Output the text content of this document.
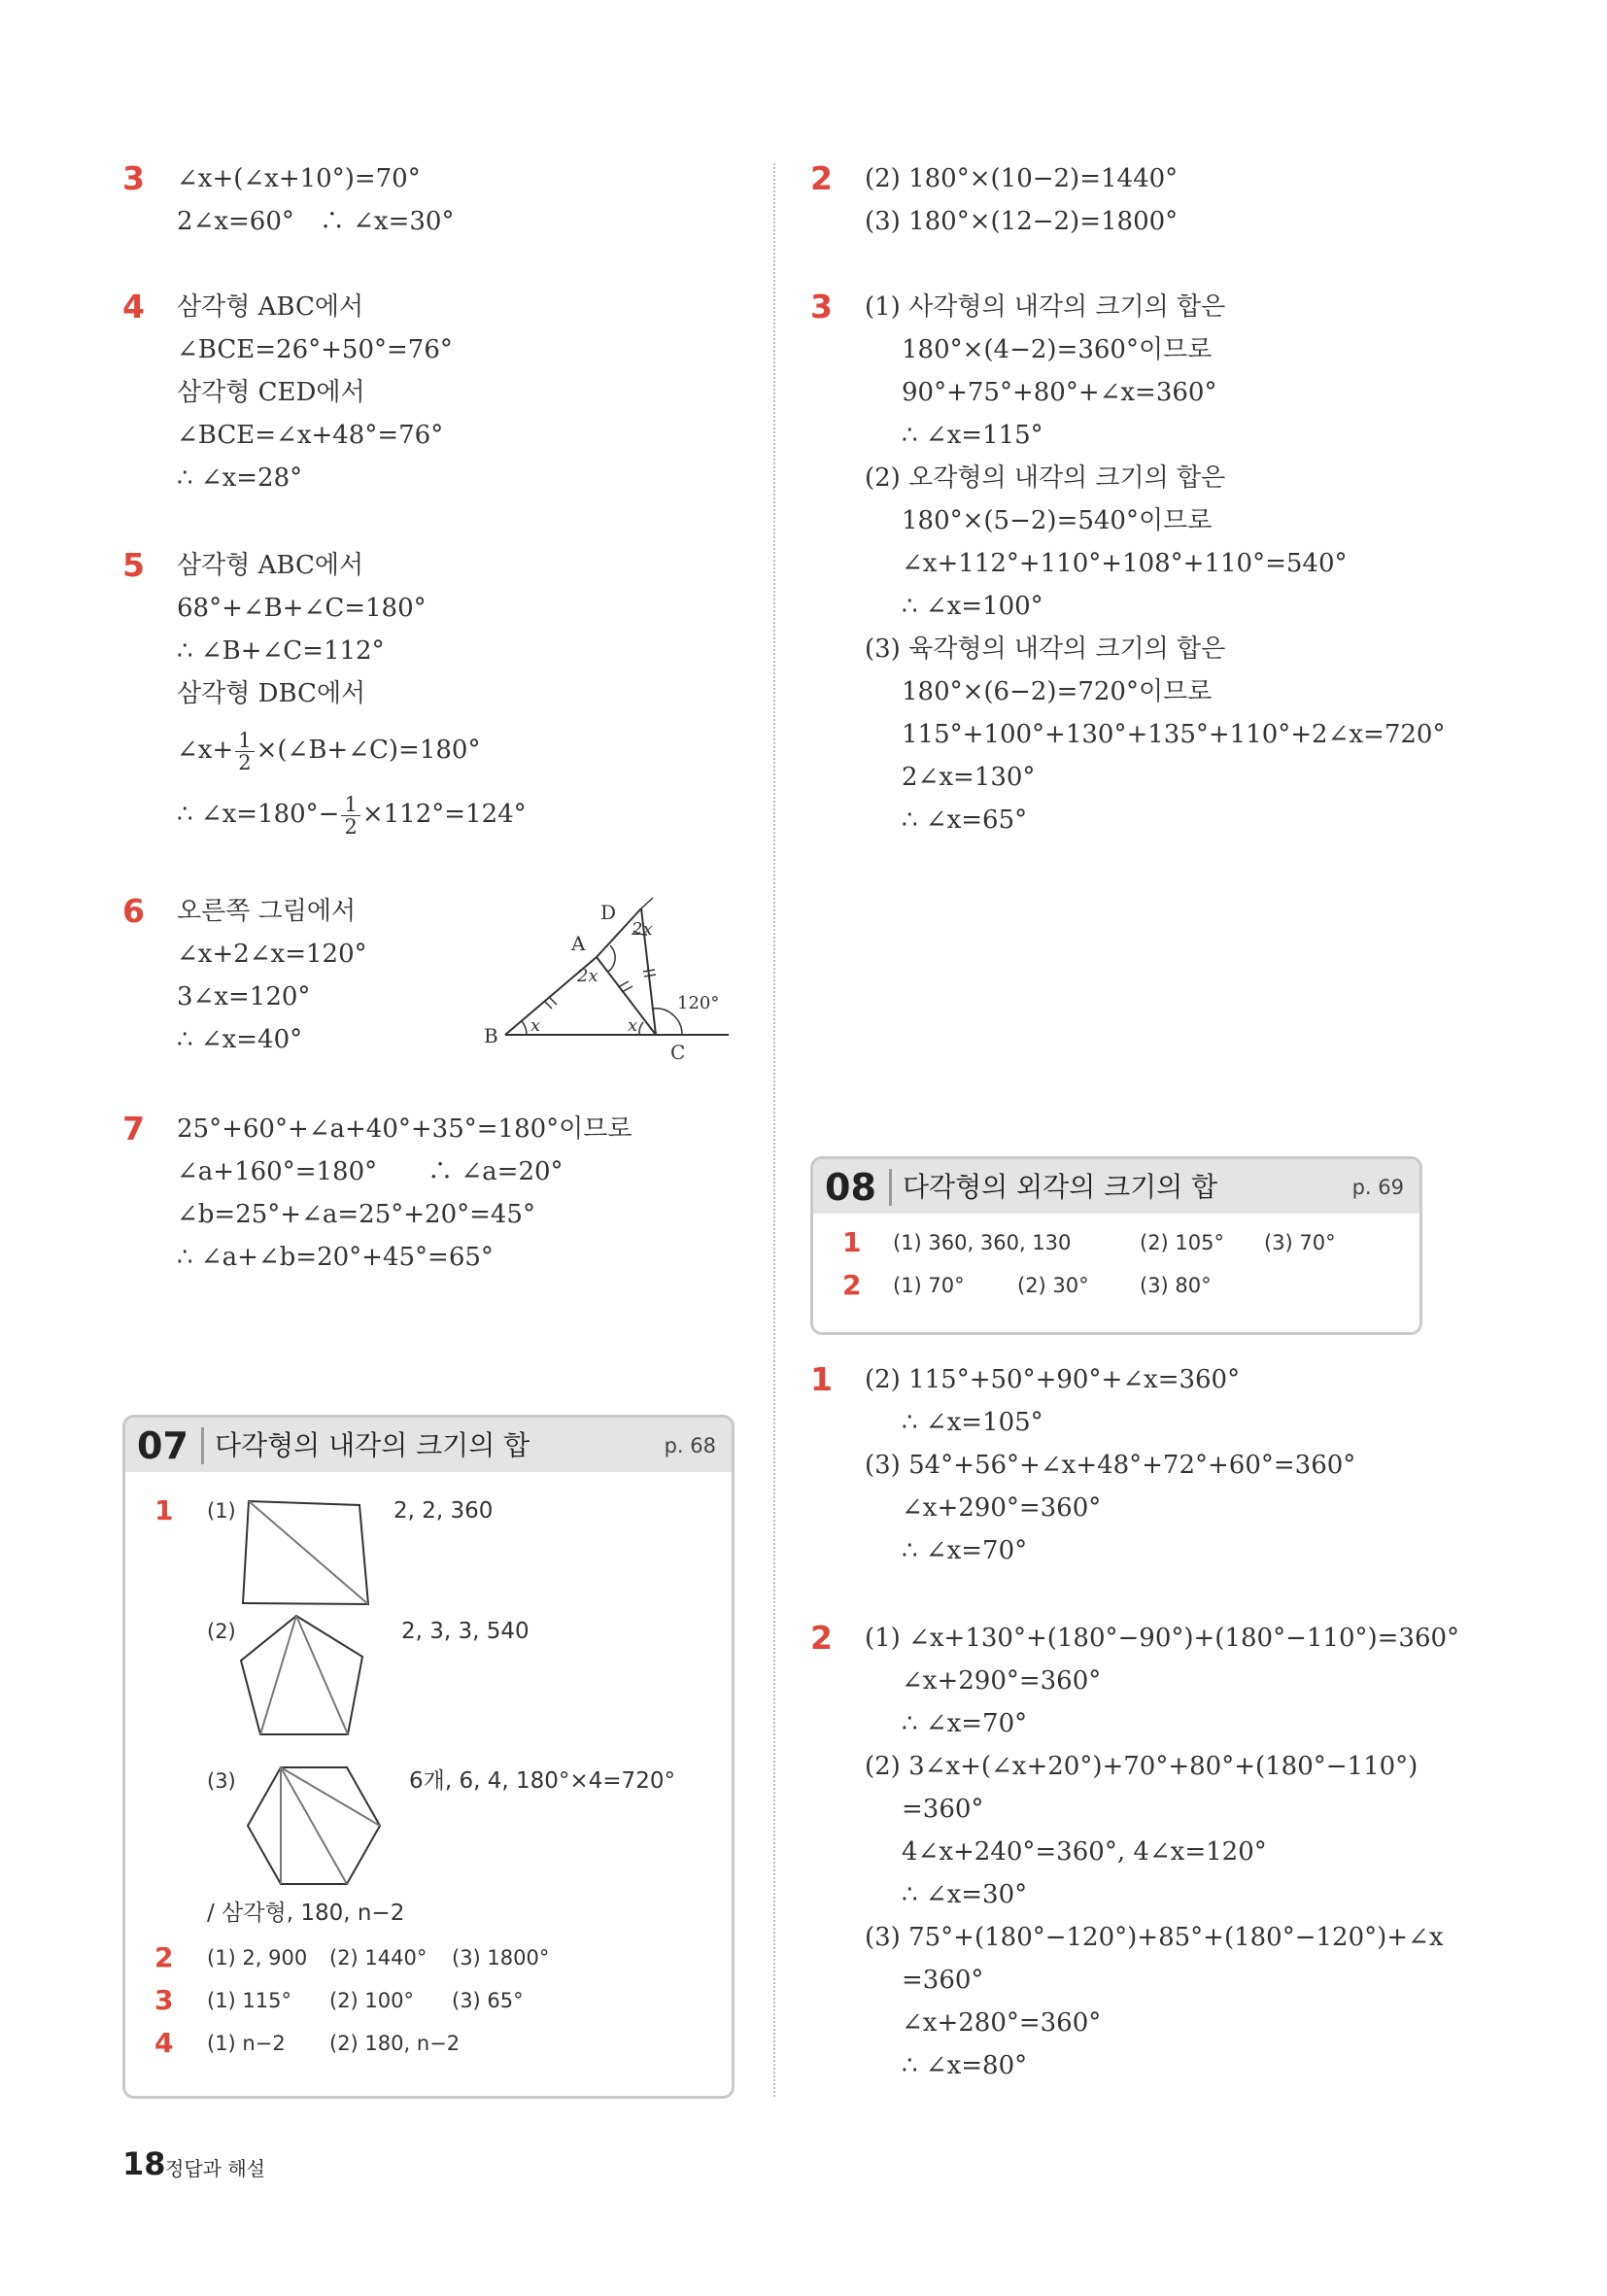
3 ∠x+(∠x+10°)=70°
2∠x=60°　∴ ∠x=30°
4 삼각형 ABC에서
∠BCE=26°+50°=76°
삼각형 CED에서
∠BCE=∠x+48°=76°
∴ ∠x=28°
5 삼각형 ABC에서
68°+∠B+∠C=180°
∴ ∠B+∠C=112°
삼각형 DBC에서
∠x+ $\frac{1}{2}$ ×(∠B+∠C)=180°
∴ ∠x=180°− $\frac{1}{2} \times 112^\circ=124^\circ$
6 오른쪽 그림에서
∠x+2∠x=120°
3∠x=120°
∴ ∠x=40°	B
A
D
C
x	x
2x
2x
120°
7 25°+60°+∠a+40°+35°=180°이므로
∠a+160°=180°　　∴ ∠a=20°
∠b=25°+∠a=25°+20°=45°
∴ ∠a+∠b=20°+45°=65°
07 다각형의 내각의 크기의 합	p. 68
1 (1)	2, 2, 360
(2)	2, 3, 3, 540
(3)	6개, 6, 4, 180°×4=720°
/ 삼각형, 180, n−2
2 (1) 2, 900 (2) 1440° (3) 1800°
3 (1) 115° (2) 100° (3) 65°
4 (1) n−2 (2) 180, n−2
2 (2) 180°×(10−2)=1440°
(3) 180°×(12−2)=1800°
3 (1) 사각형의 내각의 크기의 합은
180°×(4−2)=360°이므로
90°+75°+80°+∠x=360°
∴ ∠x=115°
(2) 오각형의 내각의 크기의 합은
180°×(5−2)=540°이므로
∠x+112°+110°+108°+110°=540°
∴ ∠x=100°
(3) 육각형의 내각의 크기의 합은
180°×(6−2)=720°이므로
115°+100°+130°+135°+110°+2∠x=720°
2∠x=130°
∴ ∠x=65°
08 다각형의 외각의 크기의 합	p. 69
1 (1) 360, 360, 130	(2) 105° (3) 70°
2 (1) 70°	(2) 30° (3) 80°
1 (2) 115°+50°+90°+∠x=360°
∴ ∠x=105°
(3) 54°+56°+∠x+48°+72°+60°=360°
∠x+290°=360°
∴ ∠x=70°
2 (1) ∠x+130°+(180°−90°)+(180°−110°)=360°
∠x+290°=360°
∴ ∠x=70°
(2) 3∠x+(∠x+20°)+70°+80°+(180°−110°)
=360°
4∠x+240°=360°, 4∠x=120°
∴ ∠x=30°
(3) 75°+(180°−120°)+85°+(180°−120°)+∠x
=360°
∠x+280°=360°
∴ ∠x=80°
18 정답과 해설
